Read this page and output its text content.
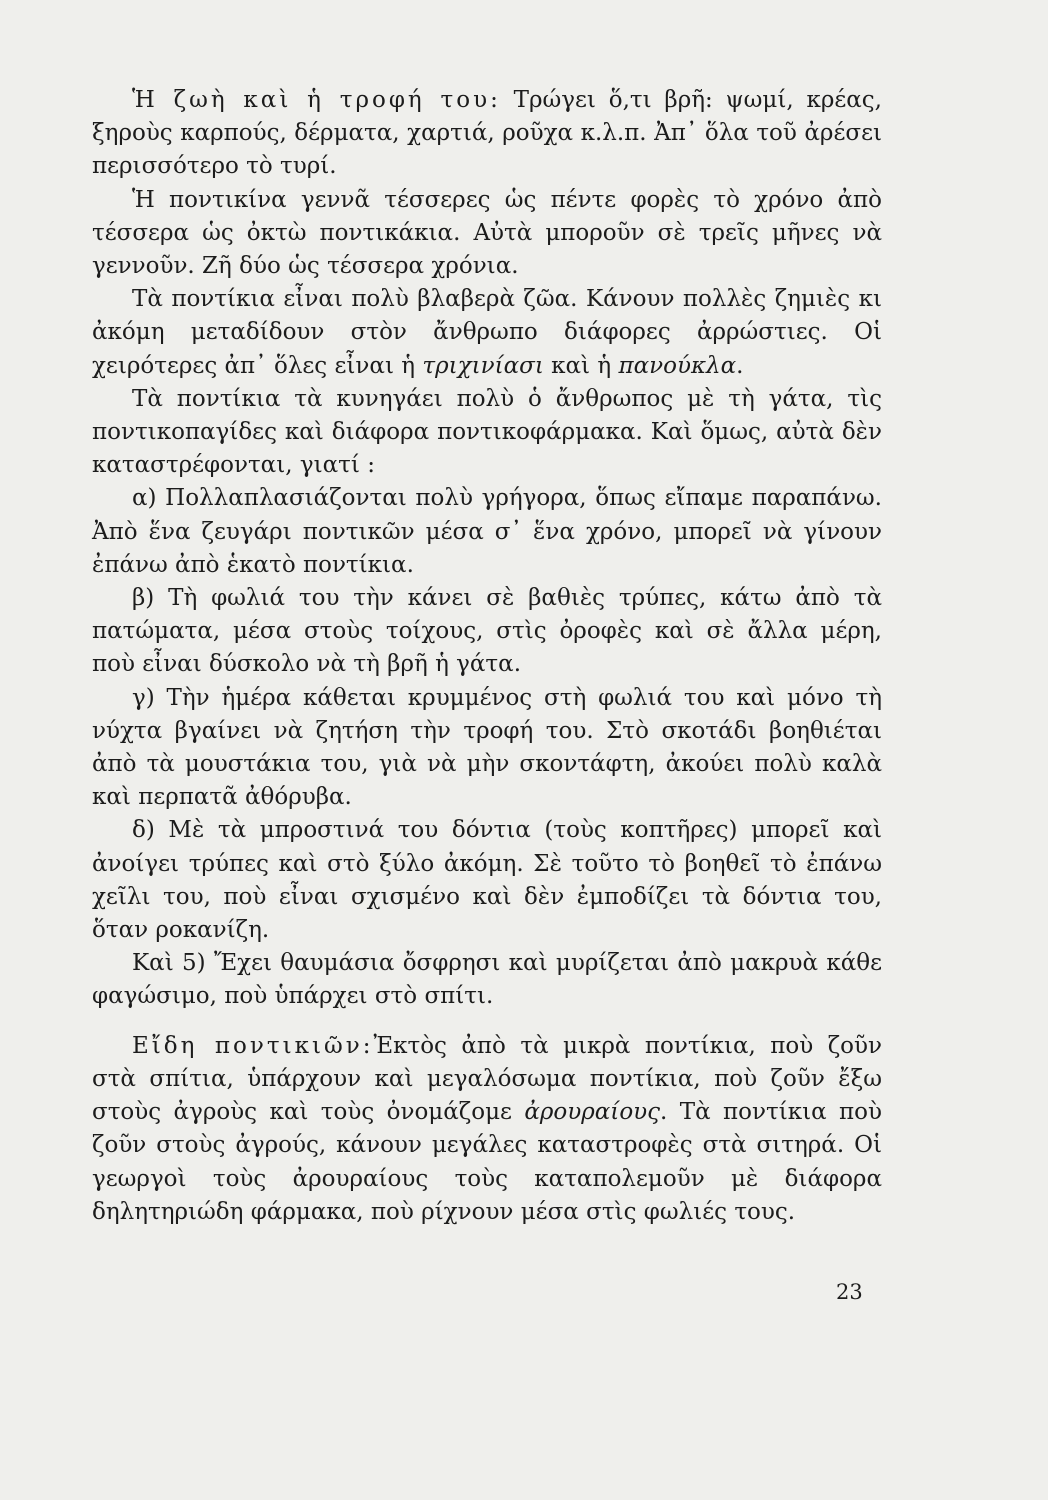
Ἡ ζωὴ καὶ ἡ τροφή του: Τρώγει ὅ,τι βρῆ: ψωμί, κρέας, ξηροὺς καρπούς, δέρματα, χαρτιά, ροῦχα κ.λ.π. Ἀπ᾽ ὅλα τοῦ ἀρέσει περισσότερο τὸ τυρί.

Ἡ ποντικίνα γεννᾶ τέσσερες ὡς πέντε φορὲς τὸ χρόνο ἀπὸ τέσσερα ὡς ὀκτὼ ποντικάκια. Αὐτὰ μποροῦν σὲ τρεῖς μῆνες νὰ γεννοῦν. Ζῆ δύο ὡς τέσσερα χρόνια.

Τὰ ποντίκια εἶναι πολὺ βλαβερὰ ζῶα. Κάνουν πολλὲς ζημιὲς κι ἀκόμη μεταδίδουν στὸν ἄνθρωπο διάφορες ἀρρώστιες. Οἱ χειρότερες ἀπ᾽ ὅλες εἶναι ἡ τριχινίασι καὶ ἡ πανούκλα.

Τὰ ποντίκια τὰ κυνηγάει πολὺ ὁ ἄνθρωπος μὲ τὴ γάτα, τὶς ποντικοπαγίδες καὶ διάφορα ποντικοφάρμακα. Καὶ ὅμως, αὐτὰ δὲν καταστρέφονται, γιατί :

α) Πολλαπλασιάζονται πολὺ γρήγορα, ὅπως εἴπαμε παραπάνω. Ἀπὸ ἕνα ζευγάρι ποντικῶν μέσα σ᾽ ἕνα χρόνο, μπορεῖ νὰ γίνουν ἐπάνω ἀπὸ ἑκατὸ ποντίκια.

β) Τὴ φωλιά του τὴν κάνει σὲ βαθιὲς τρύπες, κάτω ἀπὸ τὰ πατώματα, μέσα στοὺς τοίχους, στὶς ὀροφὲς καὶ σὲ ἄλλα μέρη, ποὺ εἶναι δύσκολο νὰ τὴ βρῆ ἡ γάτα.

γ) Τὴν ἡμέρα κάθεται κρυμμένος στὴ φωλιά του καὶ μόνο τὴ νύχτα βγαίνει νὰ ζητήση τὴν τροφή του. Στὸ σκοτάδι βοηθιέται ἀπὸ τὰ μουστάκια του, γιὰ νὰ μὴν σκοντάφτη, ἀκούει πολὺ καλὰ καὶ περπατᾶ ἀθόρυβα.

δ) Μὲ τὰ μπροστινά του δόντια (τοὺς κοπτῆρες) μπορεῖ καὶ ἀνοίγει τρύπες καὶ στὸ ξύλο ἀκόμη. Σὲ τοῦτο τὸ βοηθεῖ τὸ ἐπάνω χεῖλι του, ποὺ εἶναι σχισμένο καὶ δὲν ἐμποδίζει τὰ δόντια του, ὅταν ροκανίζη.

Καὶ 5) Ἔχει θαυμάσια ὄσφρησι καὶ μυρίζεται ἀπὸ μακρυὰ κάθε φαγώσιμο, ποὺ ὑπάρχει στὸ σπίτι.

Εἴδη ποντικιῶν:Ἐκτὸς ἀπὸ τὰ μικρὰ ποντίκια, ποὺ ζοῦν στὰ σπίτια, ὑπάρχουν καὶ μεγαλόσωμα ποντίκια, ποὺ ζοῦν ἔξω στοὺς ἀγροὺς καὶ τοὺς ὀνομάζομε ἀρουραίους. Τὰ ποντίκια ποὺ ζοῦν στοὺς ἀγρούς, κάνουν μεγάλες καταστροφὲς στὰ σιτηρά. Οἱ γεωργοὶ τοὺς ἀρουραίους τοὺς καταπολεμοῦν μὲ διάφορα δηλητηριώδη φάρμακα, ποὺ ρίχνουν μέσα στὶς φωλιές τους.

23
